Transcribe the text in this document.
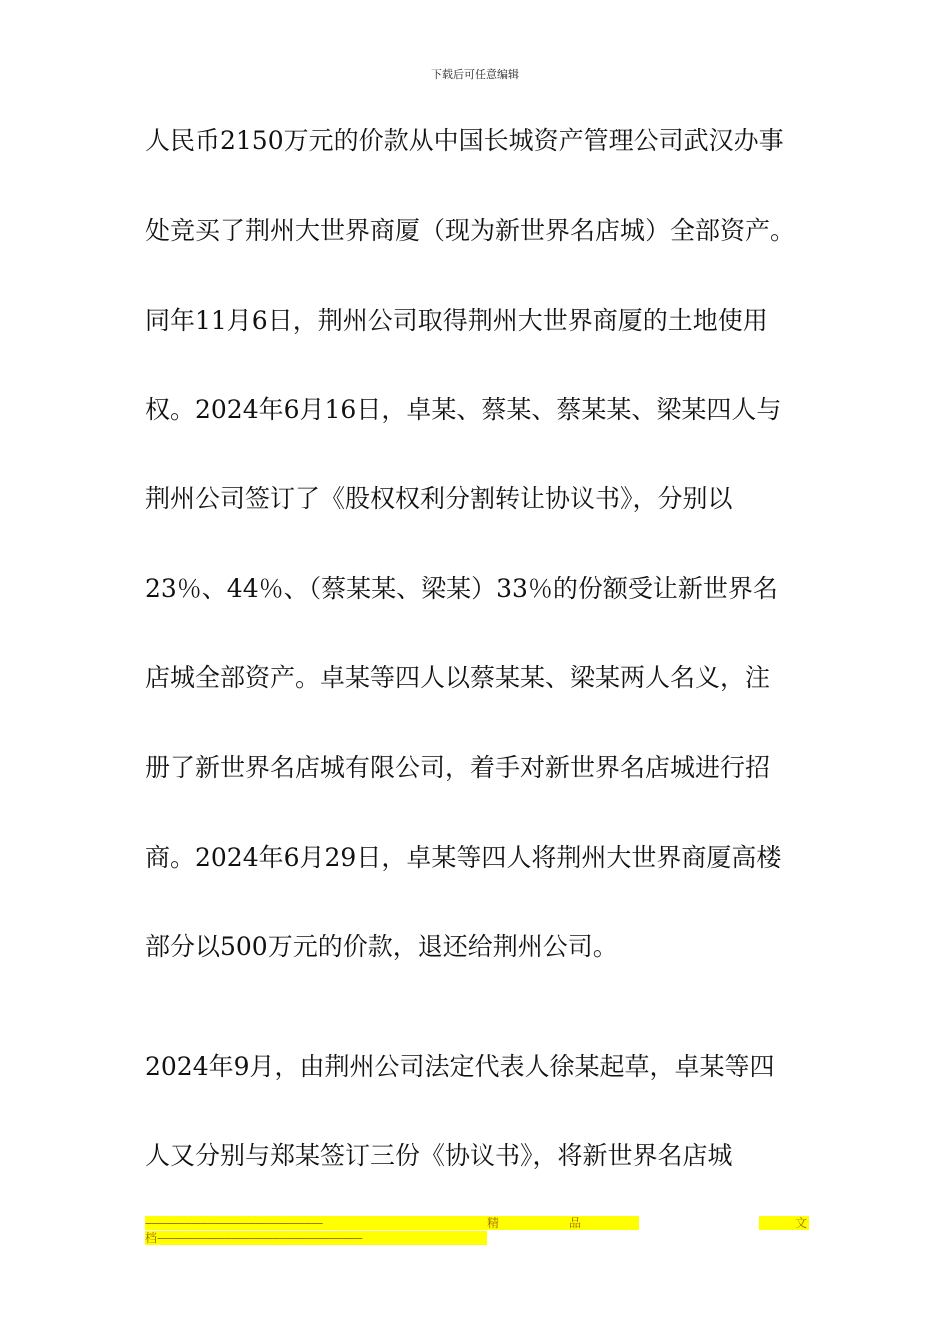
下载后可任意编辑
人民币2150万元的价款从中国长城资产管理公司武汉办事
处竞买了荆州大世界商厦（现为新世界名店城）全部资产。
同年11月6日，荆州公司取得荆州大世界商厦的土地使用
权。2024年6月16日，卓某、蔡某、蔡某某、梁某四人与
荆州公司签订了《股权权利分割转让协议书》，分别以
23％、44％、（蔡某某、梁某）33％的份额受让新世界名
店城全部资产。卓某等四人以蔡某某、梁某两人名义，注
册了新世界名店城有限公司，着手对新世界名店城进行招
商。2024年6月29日，卓某等四人将荆州大世界商厦高楼
部分以500万元的价款，退还给荆州公司。
2024年9月，由荆州公司法定代表人徐某起草，卓某等四
人又分别与郑某签订三份《协议书》，将新世界名店城
----------------------------------------------------------	精	品	文
档 -------------------------------------------------------------------
